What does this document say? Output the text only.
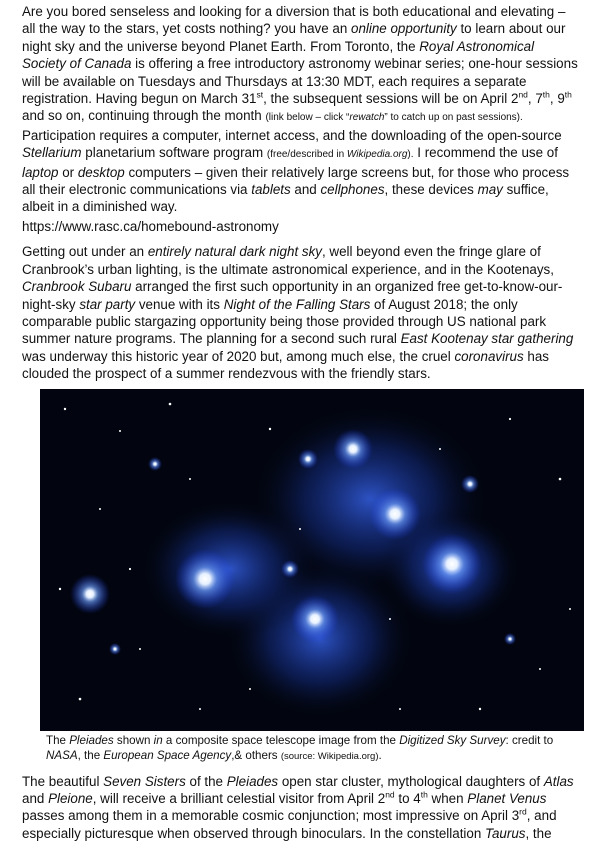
Are you bored senseless and looking for a diversion that is both educational and elevating – all the way to the stars, yet costs nothing? you have an online opportunity to learn about our night sky and the universe beyond Planet Earth. From Toronto, the Royal Astronomical Society of Canada is offering a free introductory astronomy webinar series; one-hour sessions will be available on Tuesdays and Thursdays at 13:30 MDT, each requires a separate registration. Having begun on March 31st, the subsequent sessions will be on April 2nd, 7th, 9th and so on, continuing through the month (link below – click “rewatch” to catch up on past sessions). Participation requires a computer, internet access, and the downloading of the open-source Stellarium planetarium software program (free/described in Wikipedia.org). I recommend the use of laptop or desktop computers – given their relatively large screens but, for those who process all their electronic communications via tablets and cellphones, these devices may suffice, albeit in a diminished way.

https://www.rasc.ca/homebound-astronomy

Getting out under an entirely natural dark night sky, well beyond even the fringe glare of Cranbrook’s urban lighting, is the ultimate astronomical experience, and in the Kootenays, Cranbrook Subaru arranged the first such opportunity in an organized free get-to-know-our-night-sky star party venue with its Night of the Falling Stars of August 2018; the only comparable public stargazing opportunity being those provided through US national park summer nature programs. The planning for a second such rural East Kootenay star gathering was underway this historic year of 2020 but, among much else, the cruel coronavirus has clouded the prospect of a summer rendezvous with the friendly stars.

The Pleiades shown in a composite space telescope image from the Digitized Sky Survey: credit to NASA, the European Space Agency,& others (source: Wikipedia.org).

The beautiful Seven Sisters of the Pleiades open star cluster, mythological daughters of Atlas and Pleione, will receive a brilliant celestial visitor from April 2nd to 4th when Planet Venus passes among them in a memorable cosmic conjunction; most impressive on April 3rd, and especially picturesque when observed through binoculars. In the constellation Taurus, the
